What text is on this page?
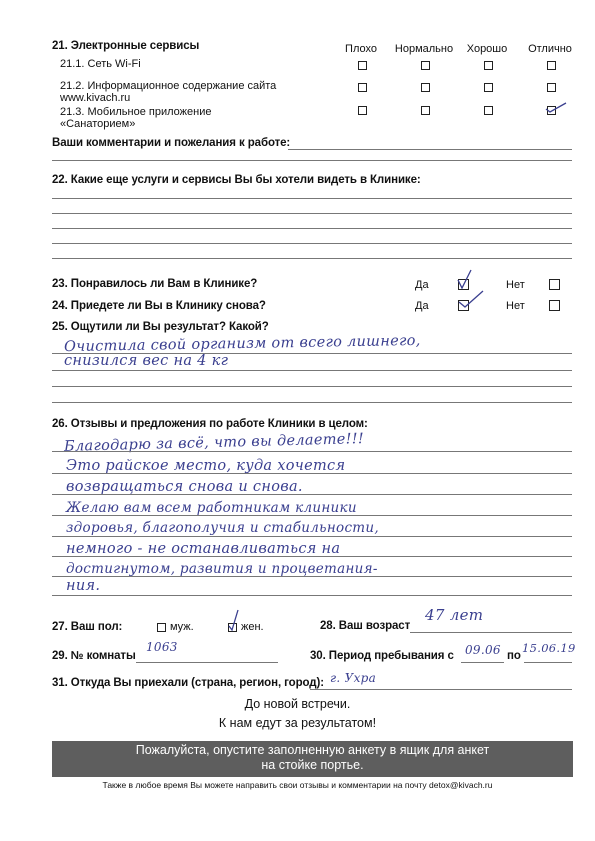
21. Электронные сервисы	Плохо	Нормально	Хорошо	Отлично
21.1. Сеть Wi-Fi
21.2. Информационное содержание сайта
www.kivach.ru
21.3. Мобильное приложение
«Санаторием»
Ваши комментарии и пожелания к работе:
22. Какие еще услуги и сервисы Вы бы хотели видеть в Клинике:
23. Понравилось ли Вам в Клинике?	Да	Нет
24. Приедете ли Вы в Клинику снова?	Да	Нет
25. Ощутили ли Вы результат? Какой?
Очистила свой организм от всего лишнего,
снизился вес на 4 кг
26. Отзывы и предложения по работе Клиники в целом:
Благодарю за всё, что вы делаете!!!
Это райское место, куда хочется
возвращаться снова и снова.
Желаю вам всем работникам клиники
здоровья, благополучия и стабильности,
немного - не останавливаться на
достигнутом, развития и процветания-
ния.
27. Ваш пол:	муж.	жен.	28. Ваш возраст
47 лет
29. № комнаты
1063
30. Период пребывания с 09.06 по
15.06.19
31. Откуда Вы приехали (страна, регион, город): г. Ухра
До новой встречи.
К нам едут за результатом!
Пожалуйста, опустите заполненную анкету в ящик для анкет
на стойке портье.
Также в любое время Вы можете направить свои отзывы и комментарии на почту detox@kivach.ru
